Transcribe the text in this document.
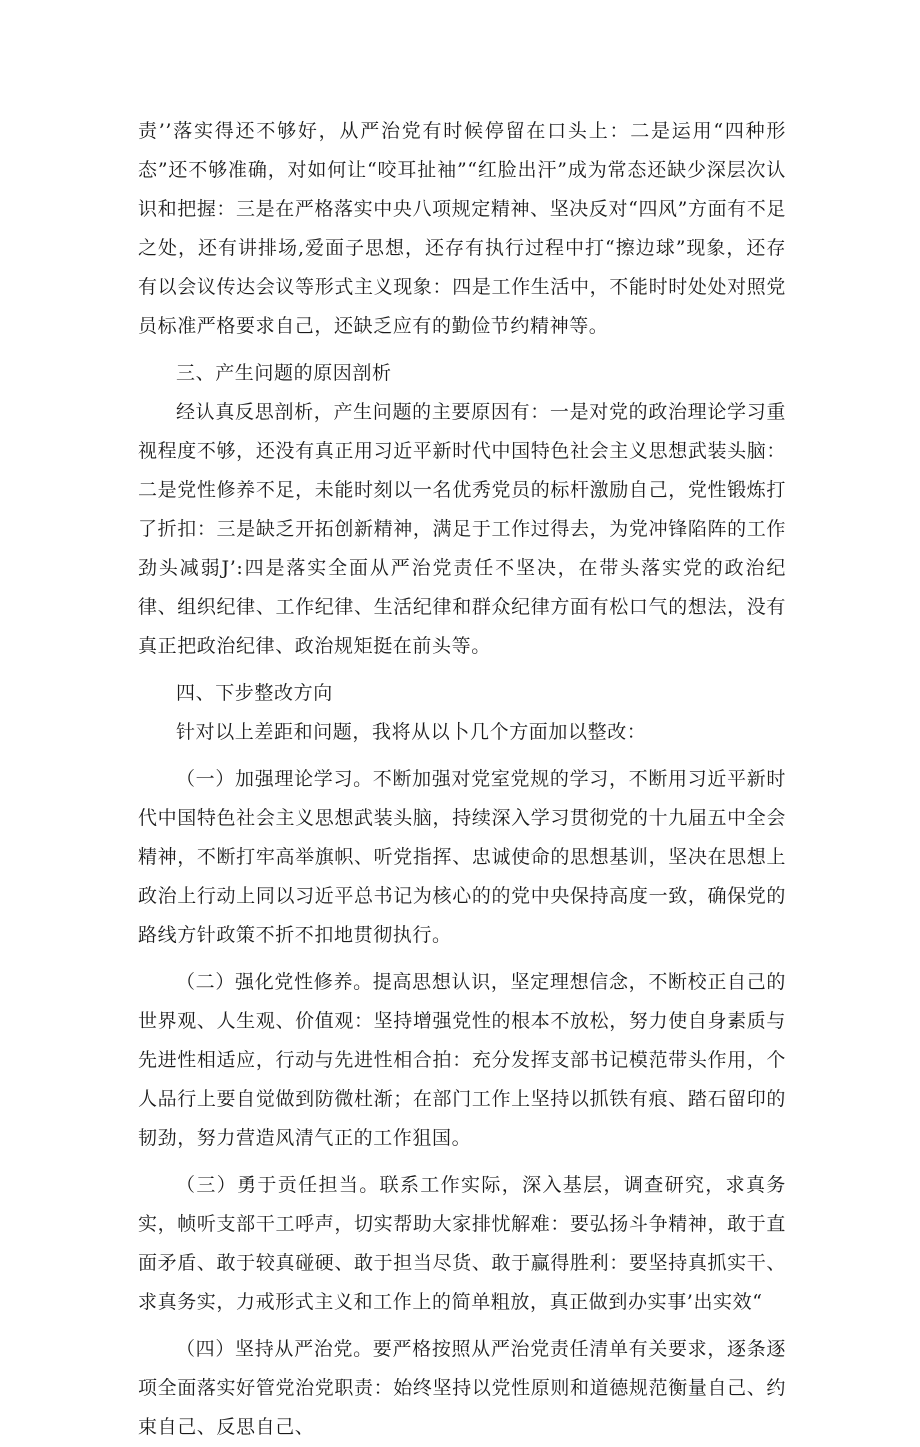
责’’落实得还不够好，从严治党有时候停留在口头上：二是运用“四种形态”还不够准确，对如何让“咬耳扯袖”“红脸出汗”成为常态还缺少深层次认识和把握：三是在严格落实中央八项规定精神、坚决反对“四风”方面有不足之处，还有讲排场,爱面子思想，还存有执行过程中打“擦边球”现象，还存有以会议传达会议等形式主义现象：四是工作生活中，不能时时处处对照党员标准严格要求自己，还缺乏应有的勤俭节约精神等。

三、产生问题的原因剖析

经认真反思剖析，产生问题的主要原因有：一是对党的政治理论学习重视程度不够，还没有真正用习近平新时代中国特色社会主义思想武装头脑：二是党性修养不足，未能时刻以一名优秀党员的标杆激励自己，党性锻炼打了折扣：三是缺乏开拓创新精神，满足于工作过得去，为党冲锋陷阵的工作劲头减弱J’:四是落实全面从严治党责任不坚决，在带头落实党的政治纪律、组织纪律、工作纪律、生活纪律和群众纪律方面有松口气的想法，没有真正把政治纪律、政治规矩挺在前头等。

四、下步整改方向

针对以上差距和问题，我将从以卜几个方面加以整改：

（一）加强理论学习。不断加强对党室党规的学习，不断用习近平新时代中国特色社会主义思想武装头脑，持续深入学习贯彻党的十九届五中全会精神，不断打牢高举旗帜、听党指挥、忠诚使命的思想基训，坚决在思想上政治上行动上同以习近平总书记为核心的的党中央保持高度一致，确保党的路线方针政策不折不扣地贯彻执行。

（二）强化党性修养。提高思想认识，坚定理想信念，不断校正自己的世界观、人生观、价值观：坚持增强党性的根本不放松，努力使自身素质与先进性相适应，行动与先进性相合拍：充分发挥支部书记模范带头作用，个人品行上要自觉做到防微杜渐；在部门工作上坚持以抓铁有痕、踏石留印的韧劲，努力营造风清气正的工作狙国。

（三）勇于贡任担当。联系工作实际，深入基层，调查研究，求真务实，帧听支部干工呼声，切实帮助大家排忧解难：要弘扬斗争精神，敢于直面矛盾、敢于较真碰硬、敢于担当尽货、敢于赢得胜利：要坚持真抓实干、求真务实，力戒形式主义和工作上的简单粗放，真正做到办实事’出实效“

（四）坚持从严治党。要严格按照从严治党责任清单有关要求，逐条逐项全面落实好管党治党职责：始终坚持以党性原则和道德规范衡量自己、约束自己、反思自己、
